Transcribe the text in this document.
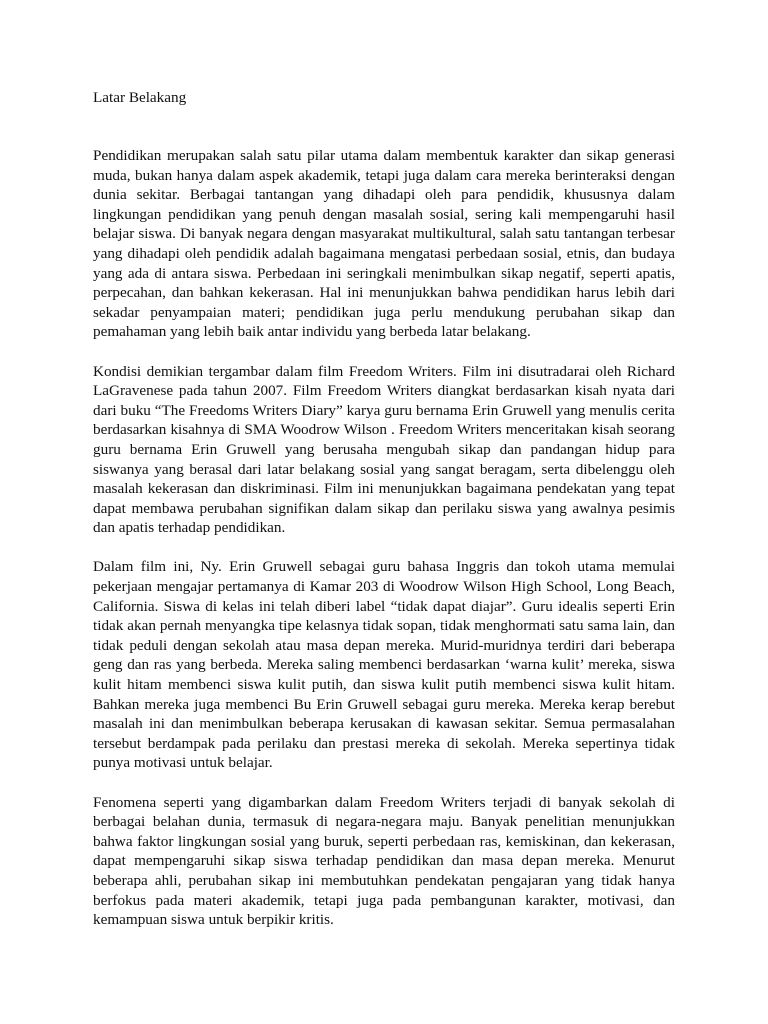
Latar Belakang

Pendidikan merupakan salah satu pilar utama dalam membentuk karakter dan sikap generasi muda, bukan hanya dalam aspek akademik, tetapi juga dalam cara mereka berinteraksi dengan dunia sekitar. Berbagai tantangan yang dihadapi oleh para pendidik, khususnya dalam lingkungan pendidikan yang penuh dengan masalah sosial, sering kali mempengaruhi hasil belajar siswa. Di banyak negara dengan masyarakat multikultural, salah satu tantangan terbesar yang dihadapi oleh pendidik adalah bagaimana mengatasi perbedaan sosial, etnis, dan budaya yang ada di antara siswa. Perbedaan ini seringkali menimbulkan sikap negatif, seperti apatis, perpecahan, dan bahkan kekerasan. Hal ini menunjukkan bahwa pendidikan harus lebih dari sekadar penyampaian materi; pendidikan juga perlu mendukung perubahan sikap dan pemahaman yang lebih baik antar individu yang berbeda latar belakang.

Kondisi demikian tergambar dalam film Freedom Writers. Film ini disutradarai oleh Richard LaGravenese pada tahun 2007. Film Freedom Writers diangkat berdasarkan kisah nyata dari dari buku “The Freedoms Writers Diary” karya guru bernama Erin Gruwell yang menulis cerita berdasarkan kisahnya di SMA Woodrow Wilson . Freedom Writers menceritakan kisah seorang guru bernama Erin Gruwell yang berusaha mengubah sikap dan pandangan hidup para siswanya yang berasal dari latar belakang sosial yang sangat beragam, serta dibelenggu oleh masalah kekerasan dan diskriminasi. Film ini menunjukkan bagaimana pendekatan yang tepat dapat membawa perubahan signifikan dalam sikap dan perilaku siswa yang awalnya pesimis dan apatis terhadap pendidikan.

Dalam film ini, Ny. Erin Gruwell sebagai guru bahasa Inggris dan tokoh utama memulai pekerjaan mengajar pertamanya di Kamar 203 di Woodrow Wilson High School, Long Beach, California. Siswa di kelas ini telah diberi label “tidak dapat diajar”. Guru idealis seperti Erin tidak akan pernah menyangka tipe kelasnya tidak sopan, tidak menghormati satu sama lain, dan tidak peduli dengan sekolah atau masa depan mereka. Murid-muridnya terdiri dari beberapa geng dan ras yang berbeda. Mereka saling membenci berdasarkan ‘warna kulit’ mereka, siswa kulit hitam membenci siswa kulit putih, dan siswa kulit putih membenci siswa kulit hitam. Bahkan mereka juga membenci Bu Erin Gruwell sebagai guru mereka. Mereka kerap berebut masalah ini dan menimbulkan beberapa kerusakan di kawasan sekitar. Semua permasalahan tersebut berdampak pada perilaku dan prestasi mereka di sekolah. Mereka sepertinya tidak punya motivasi untuk belajar.

Fenomena seperti yang digambarkan dalam Freedom Writers terjadi di banyak sekolah di berbagai belahan dunia, termasuk di negara-negara maju. Banyak penelitian menunjukkan bahwa faktor lingkungan sosial yang buruk, seperti perbedaan ras, kemiskinan, dan kekerasan, dapat mempengaruhi sikap siswa terhadap pendidikan dan masa depan mereka. Menurut beberapa ahli, perubahan sikap ini membutuhkan pendekatan pengajaran yang tidak hanya berfokus pada materi akademik, tetapi juga pada pembangunan karakter, motivasi, dan kemampuan siswa untuk berpikir kritis.
